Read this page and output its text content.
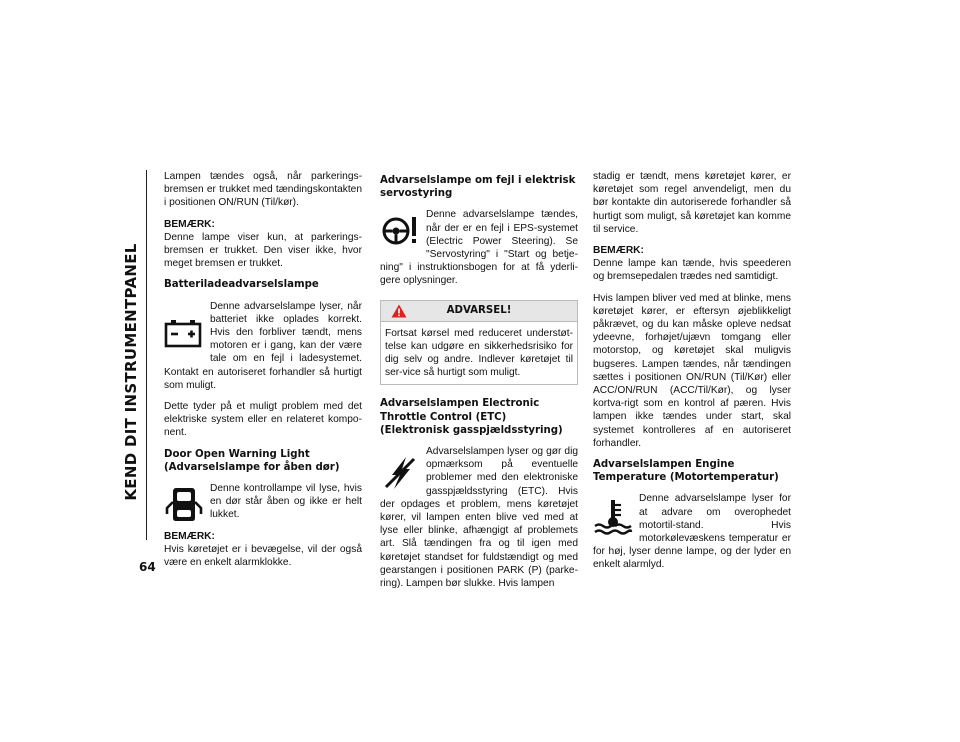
KEND DIT INSTRUMENTPANEL
64

Lampen tændes også, når parkerings-bremsen er trukket med tændingskontakten i positionen ON/RUN (Til/kør).

BEMÆRK:

Denne lampe viser kun, at parkerings-bremsen er trukket. Den viser ikke, hvor meget bremsen er trukket.

Batteriladeadvarselslampe

Denne advarselslampe lyser, når batteriet ikke oplades korrekt. Hvis den forbliver tændt, mens motoren er i gang, kan der være tale om en fejl i ladesystemet. Kontakt en autoriseret forhandler så hurtigt som muligt.

Dette tyder på et muligt problem med det elektriske system eller en relateret kompo-nent.

Door Open Warning Light (Advarselslampe for åben dør)

Denne kontrollampe vil lyse, hvis en dør står åben og ikke er helt lukket.

BEMÆRK:

Hvis køretøjet er i bevægelse, vil der også være en enkelt alarmklokke.

Advarselslampe om fejl i elektrisk servostyring

Denne advarselslampe tændes, når der er en fejl i EPS-systemet (Electric Power Steering). Se "Servostyring" i "Start og betje-ning" i instruktionsbogen for at få yderli-gere oplysninger.

ADVARSEL!
Fortsat kørsel med reduceret understøt-telse kan udgøre en sikkerhedsrisiko for dig selv og andre. Indlever køretøjet til ser-vice så hurtigt som muligt.
Advarselslampen Electronic Throttle Control (ETC) (Elektronisk gasspjældsstyring)

Advarselslampen lyser og gør dig opmærksom på eventuelle problemer med den elektroniske gasspjældsstyring (ETC). Hvis der opdages et problem, mens køretøjet kører, vil lampen enten blive ved med at lyse eller blinke, afhængigt af problemets art. Slå tændingen fra og til igen med køretøjet standset for fuldstændigt og med gearstangen i positionen PARK (P) (parke-ring). Lampen bør slukke. Hvis lampen

stadig er tændt, mens køretøjet kører, er køretøjet som regel anvendeligt, men du bør kontakte din autoriserede forhandler så hurtigt som muligt, så køretøjet kan komme til service.

BEMÆRK:

Denne lampe kan tænde, hvis speederen og bremsepedalen trædes ned samtidigt.

Hvis lampen bliver ved med at blinke, mens køretøjet kører, er eftersyn øjeblikkeligt påkrævet, og du kan måske opleve nedsat ydeevne, forhøjet/ujævn tomgang eller motorstop, og køretøjet skal muligvis bugseres. Lampen tændes, når tændingen sættes i positionen ON/RUN (Til/Kør) eller ACC/ON/RUN (ACC/Til/Kør), og lyser kortva-rigt som en kontrol af pæren. Hvis lampen ikke tændes under start, skal systemet kontrolleres af en autoriseret forhandler.

Advarselslampen Engine Temperature (Motortemperatur)

Denne advarselslampe lyser for at advare om overophedet motortil-stand. Hvis motorkølevæskens temperatur er for høj, lyser denne lampe, og der lyder en enkelt alarmlyd.
